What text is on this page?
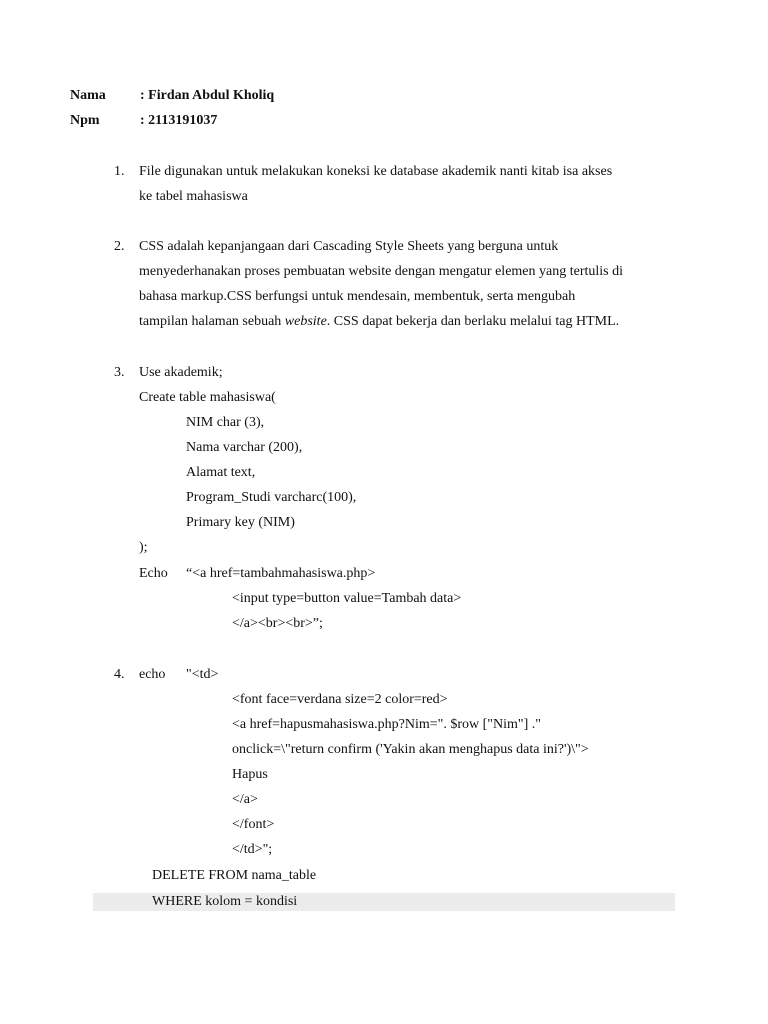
Nama : Firdan Abdul Kholiq
Npm	: 2113191037
1. File digunakan untuk melakukan koneksi ke database akademik nanti kitab isa akses
ke tabel mahasiswa
2. CSS adalah kepanjangaan dari Cascading Style Sheets yang berguna untuk
menyederhanakan proses pembuatan website dengan mengatur elemen yang tertulis di
bahasa markup.CSS berfungsi untuk mendesain, membentuk, serta mengubah
tampilan halaman sebuah website. CSS dapat bekerja dan berlaku melalui tag HTML.
3. Use akademik;
Create table mahasiswa(
NIM char (3),
Nama varchar (200),
Alamat text,
Program_Studi varcharc(100),
Primary key (NIM)
);
Echo “<a href=tambahmahasiswa.php>
<input type=button value=Tambah data>
</a><br><br>”;
4. echo "<td>
<font face=verdana size=2 color=red>
<a href=hapusmahasiswa.php?Nim=". $row ["Nim"] ."
onclick=\"return confirm ('Yakin akan menghapus data ini?')\">
Hapus
</a>
</font>
</td>";
DELETE FROM nama_table
WHERE kolom = kondisi
